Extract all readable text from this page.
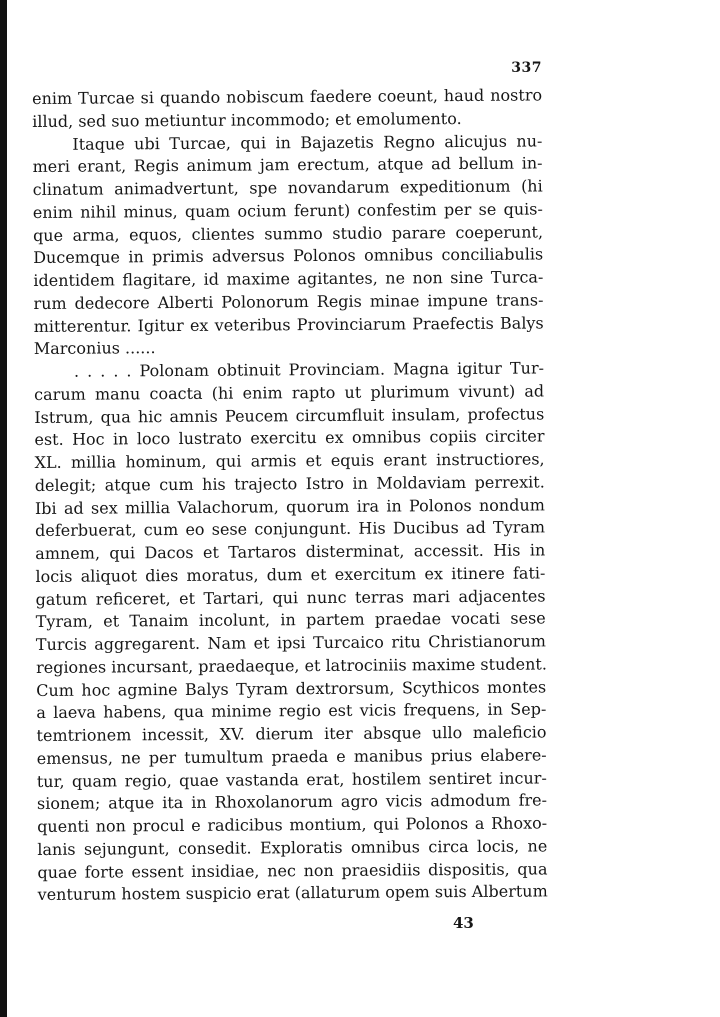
337
enim Turcae si quando nobiscum faedere coeunt, haud nostro
illud, sed suo metiuntur incommodo; et emolumento.
Itaque ubi Turcae, qui in Bajazetis Regno alicujus nu-
meri erant, Regis animum jam erectum, atque ad bellum in-
clinatum animadvertunt, spe novandarum expeditionum (hi
enim nihil minus, quam ocium ferunt) confestim per se quis-
que arma, equos, clientes summo studio parare coeperunt,
Ducemque in primis adversus Polonos omnibus conciliabulis
identidem flagitare, id maxime agitantes, ne non sine Turca-
rum dedecore Alberti Polonorum Regis minae impune trans-
mitterentur. Igitur ex veteribus Provinciarum Praefectis Balys
Marconius ......
. . . . . Polonam obtinuit Provinciam. Magna igitur Tur-
carum manu coacta (hi enim rapto ut plurimum vivunt) ad
Istrum, qua hic amnis Peucem circumfluit insulam, profectus
est. Hoc in loco lustrato exercitu ex omnibus copiis circiter
XL. millia hominum, qui armis et equis erant instructiores,
delegit; atque cum his trajecto Istro in Moldaviam perrexit.
Ibi ad sex millia Valachorum, quorum ira in Polonos nondum
deferbuerat, cum eo sese conjungunt. His Ducibus ad Tyram
amnem, qui Dacos et Tartaros disterminat, accessit. His in
locis aliquot dies moratus, dum et exercitum ex itinere fati-
gatum reficeret, et Tartari, qui nunc terras mari adjacentes
Tyram, et Tanaim incolunt, in partem praedae vocati sese
Turcis aggregarent. Nam et ipsi Turcaico ritu Christianorum
regiones incursant, praedaeque, et latrociniis maxime student.
Cum hoc agmine Balys Tyram dextrorsum, Scythicos montes
a laeva habens, qua minime regio est vicis frequens, in Sep-
temtrionem incessit, XV. dierum iter absque ullo maleficio
emensus, ne per tumultum praeda e manibus prius elabere-
tur, quam regio, quae vastanda erat, hostilem sentiret incur-
sionem; atque ita in Rhoxolanorum agro vicis admodum fre-
quenti non procul e radicibus montium, qui Polonos a Rhoxo-
lanis sejungunt, consedit. Exploratis omnibus circa locis, ne
quae forte essent insidiae, nec non praesidiis dispositis, qua
venturum hostem suspicio erat (allaturum opem suis Albertum
43
